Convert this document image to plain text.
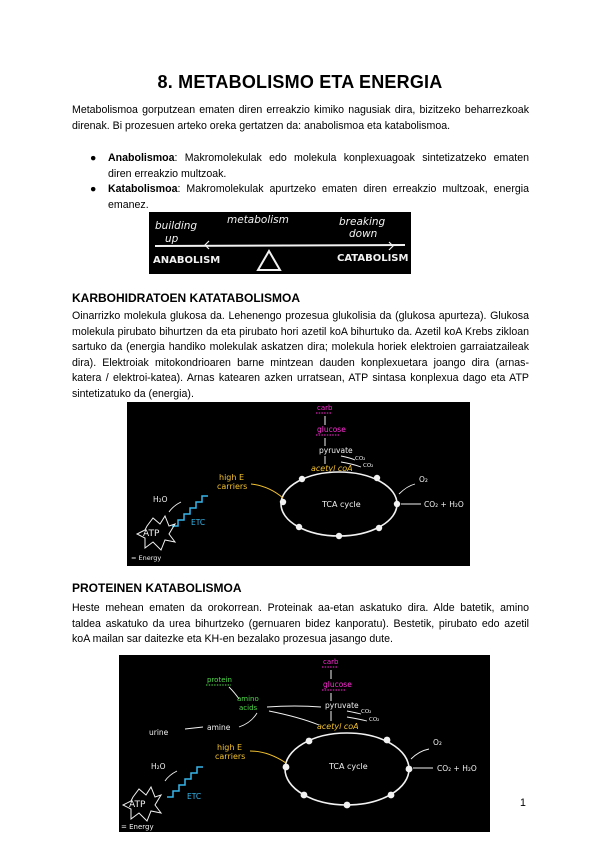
8. METABOLISMO ETA ENERGIA

Metabolismoa gorputzean ematen diren erreakzio kimiko nagusiak dira, bizitzeko beharrezkoak direnak. Bi prozesuen arteko oreka gertatzen da: anabolismoa eta katabolismoa.

● Anabolismoa: Makromolekulak edo molekula konplexuagoak sintetizatzeko ematen diren erreakzio multzoak.
● Katabolismoa: Makromolekulak apurtzeko ematen diren erreakzio multzoak, energia emanez.
building
up
metabolism	breaking
down
ANABOLISM	CATABOLISM
KARBOHIDRATOEN KATATABOLISMOA

Oinarrizko molekula glukosa da. Lehenengo prozesua glukolisia da (glukosa apurteza). Glukosa molekula pirubato bihurtzen da eta pirubato hori azetil koA bihurtuko da. Azetil koA Krebs zikloan sartuko da (energia handiko molekulak askatzen dira; molekula horiek elektroien garraiatzaileak dira). Elektroiak mitokondrioaren barne mintzean dauden konplexuetara joango dira (arnas-katera / elektroi-katea). Arnas katearen azken urratsean, ATP sintasa konplexua dago eta ATP sintetizatuko da (energia).

carb
glucose
pyruvate
acetyl coA
CO₂
CO₂
TCA cycle
O₂
CO₂ + H₂O
high E
carriers
H₂O
ETC
ATP
= Energy
PROTEINEN KATABOLISMOA

Heste mehean ematen da orokorrean. Proteinak aa-etan askatuko dira. Alde batetik, amino taldea askatuko da urea bihurtzeko (gernuaren bidez kanporatu). Bestetik, pirubato edo azetil koA mailan sar daitezke eta KH-en bezalako prozesua jasango dute.

carb
glucose
pyruvate
acetyl coA
CO₂
CO₂
protein
amino
acids
amine
urine
TCA cycle
O₂
CO₂ + H₂O
high E
carriers
H₂O
ETC
ATP
= Energy
1
